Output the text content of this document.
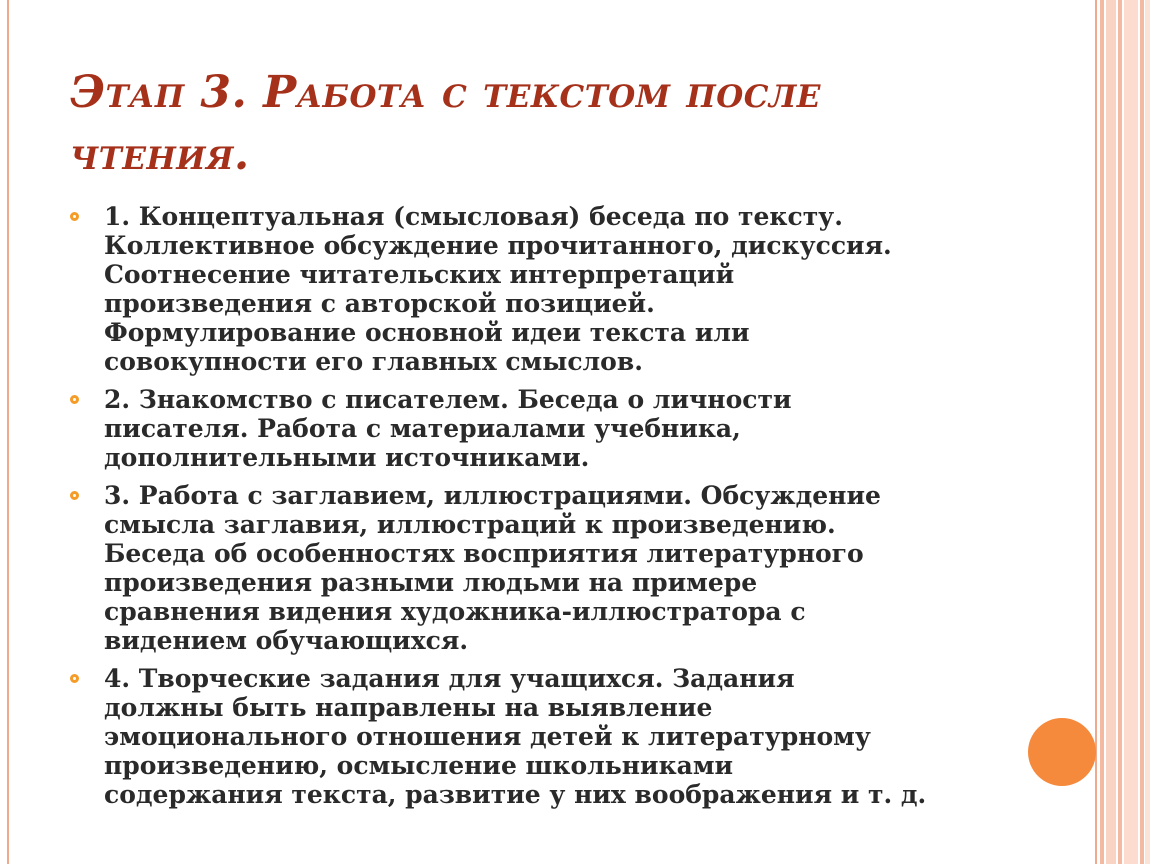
Этап 3. Работа с текстом после
чтения.
1. Концептуальная (смысловая) беседа по тексту.
Коллективное обсуждение прочитанного, дискуссия.
Соотнесение читательских интерпретаций
произведения с авторской позицией.
Формулирование основной идеи текста или
совокупности его главных смыслов.
2. Знакомство с писателем. Беседа о личности
писателя. Работа с материалами учебника,
дополнительными источниками.
3. Работа с заглавием, иллюстрациями. Обсуждение
смысла заглавия, иллюстраций к произведению.
Беседа об особенностях восприятия литературного
произведения разными людьми на примере
сравнения видения художника-иллюстратора с
видением обучающихся.
4. Творческие задания для учащихся. Задания
должны быть направлены на выявление
эмоционального отношения детей к литературному
произведению, осмысление школьниками
содержания текста, развитие у них воображения и т. д.
